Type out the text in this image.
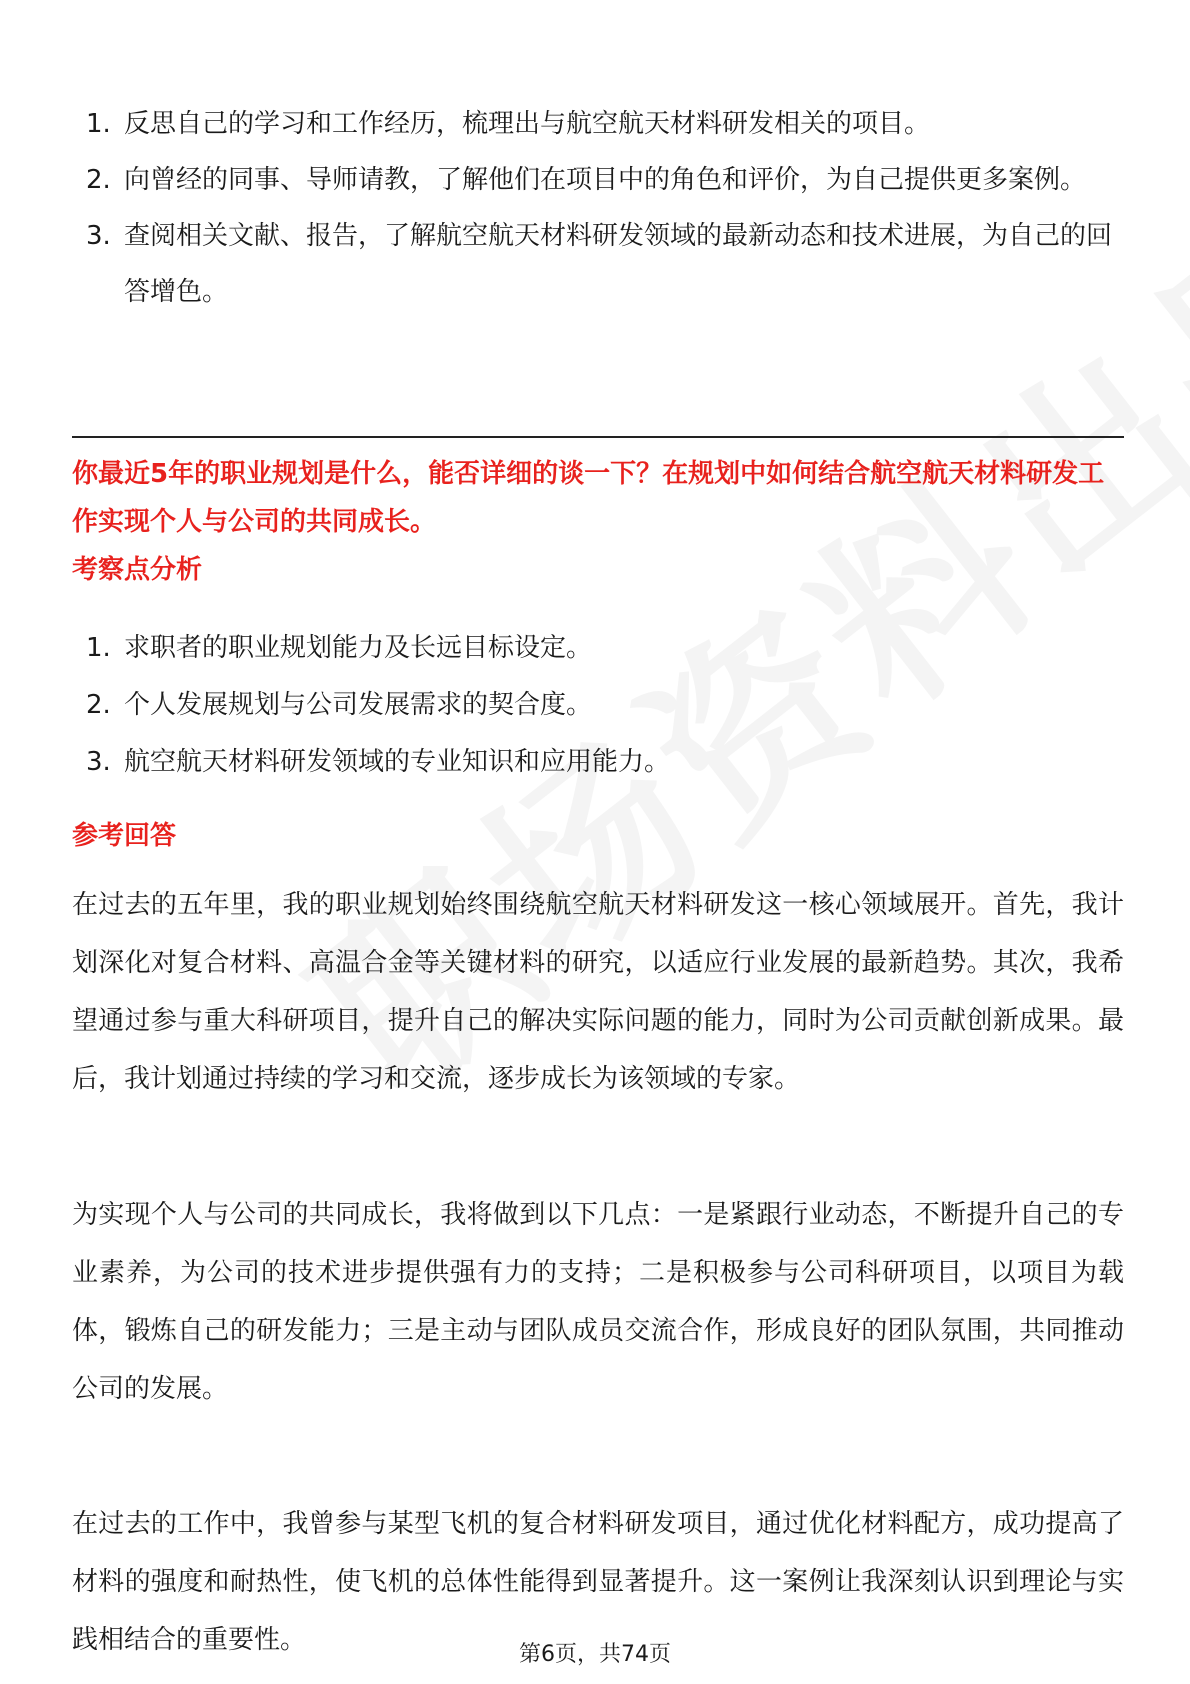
1. 反思自己的学习和工作经历，梳理出与航空航天材料研发相关的项目。
2. 向曾经的同事、导师请教，了解他们在项目中的角色和评价，为自己提供更多案例。
3. 查阅相关文献、报告，了解航空航天材料研发领域的最新动态和技术进展，为自己的回答增色。
你最近5年的职业规划是什么，能否详细的谈一下？在规划中如何结合航空航天材料研发工作实现个人与公司的共同成长。
考察点分析
1. 求职者的职业规划能力及长远目标设定。
2. 个人发展规划与公司发展需求的契合度。
3. 航空航天材料研发领域的专业知识和应用能力。
参考回答

在过去的五年里，我的职业规划始终围绕航空航天材料研发这一核心领域展开。首先，我计划深化对复合材料、高温合金等关键材料的研究，以适应行业发展的最新趋势。其次，我希望通过参与重大科研项目，提升自己的解决实际问题的能力，同时为公司贡献创新成果。最后，我计划通过持续的学习和交流，逐步成长为该领域的专家。

为实现个人与公司的共同成长，我将做到以下几点：一是紧跟行业动态，不断提升自己的专业素养，为公司的技术进步提供强有力的支持；二是积极参与公司科研项目，以项目为载体，锻炼自己的研发能力；三是主动与团队成员交流合作，形成良好的团队氛围，共同推动公司的发展。

在过去的工作中，我曾参与某型飞机的复合材料研发项目，通过优化材料配方，成功提高了材料的强度和耐热性，使飞机的总体性能得到显著提升。这一案例让我深刻认识到理论与实践相结合的重要性。	第6页，共74页
